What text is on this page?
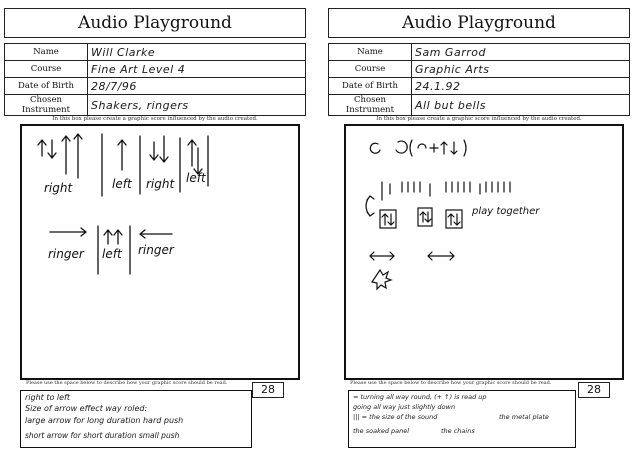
Audio Playground
Name	Will Clarke
Course	Fine Art Level 4
Date of Birth	28/7/96
Chosen Instrument	Shakers, ringers
In this box please create a graphic score influenced by the audio created.
right	left right left
ringer left ringer
Please use the space below to describe how your graphic score should be read.	28
right to left
Size of arrow effect way roled:
large arrow for long duration hard push
short arrow for short duration small push
Audio Playground
Name	Sam Garrod
Course	Graphic Arts
Date of Birth	24.1.92
Chosen Instrument	All but bells
In this box please create a graphic score influenced by the audio created.
play together
Please use the space below to describe how your graphic score should be read.	28
= turning all way round, (+ ↑) is read up
going all way just slightly down
||| = the size of the sound	the metal plate
the soaked panel	the chains
